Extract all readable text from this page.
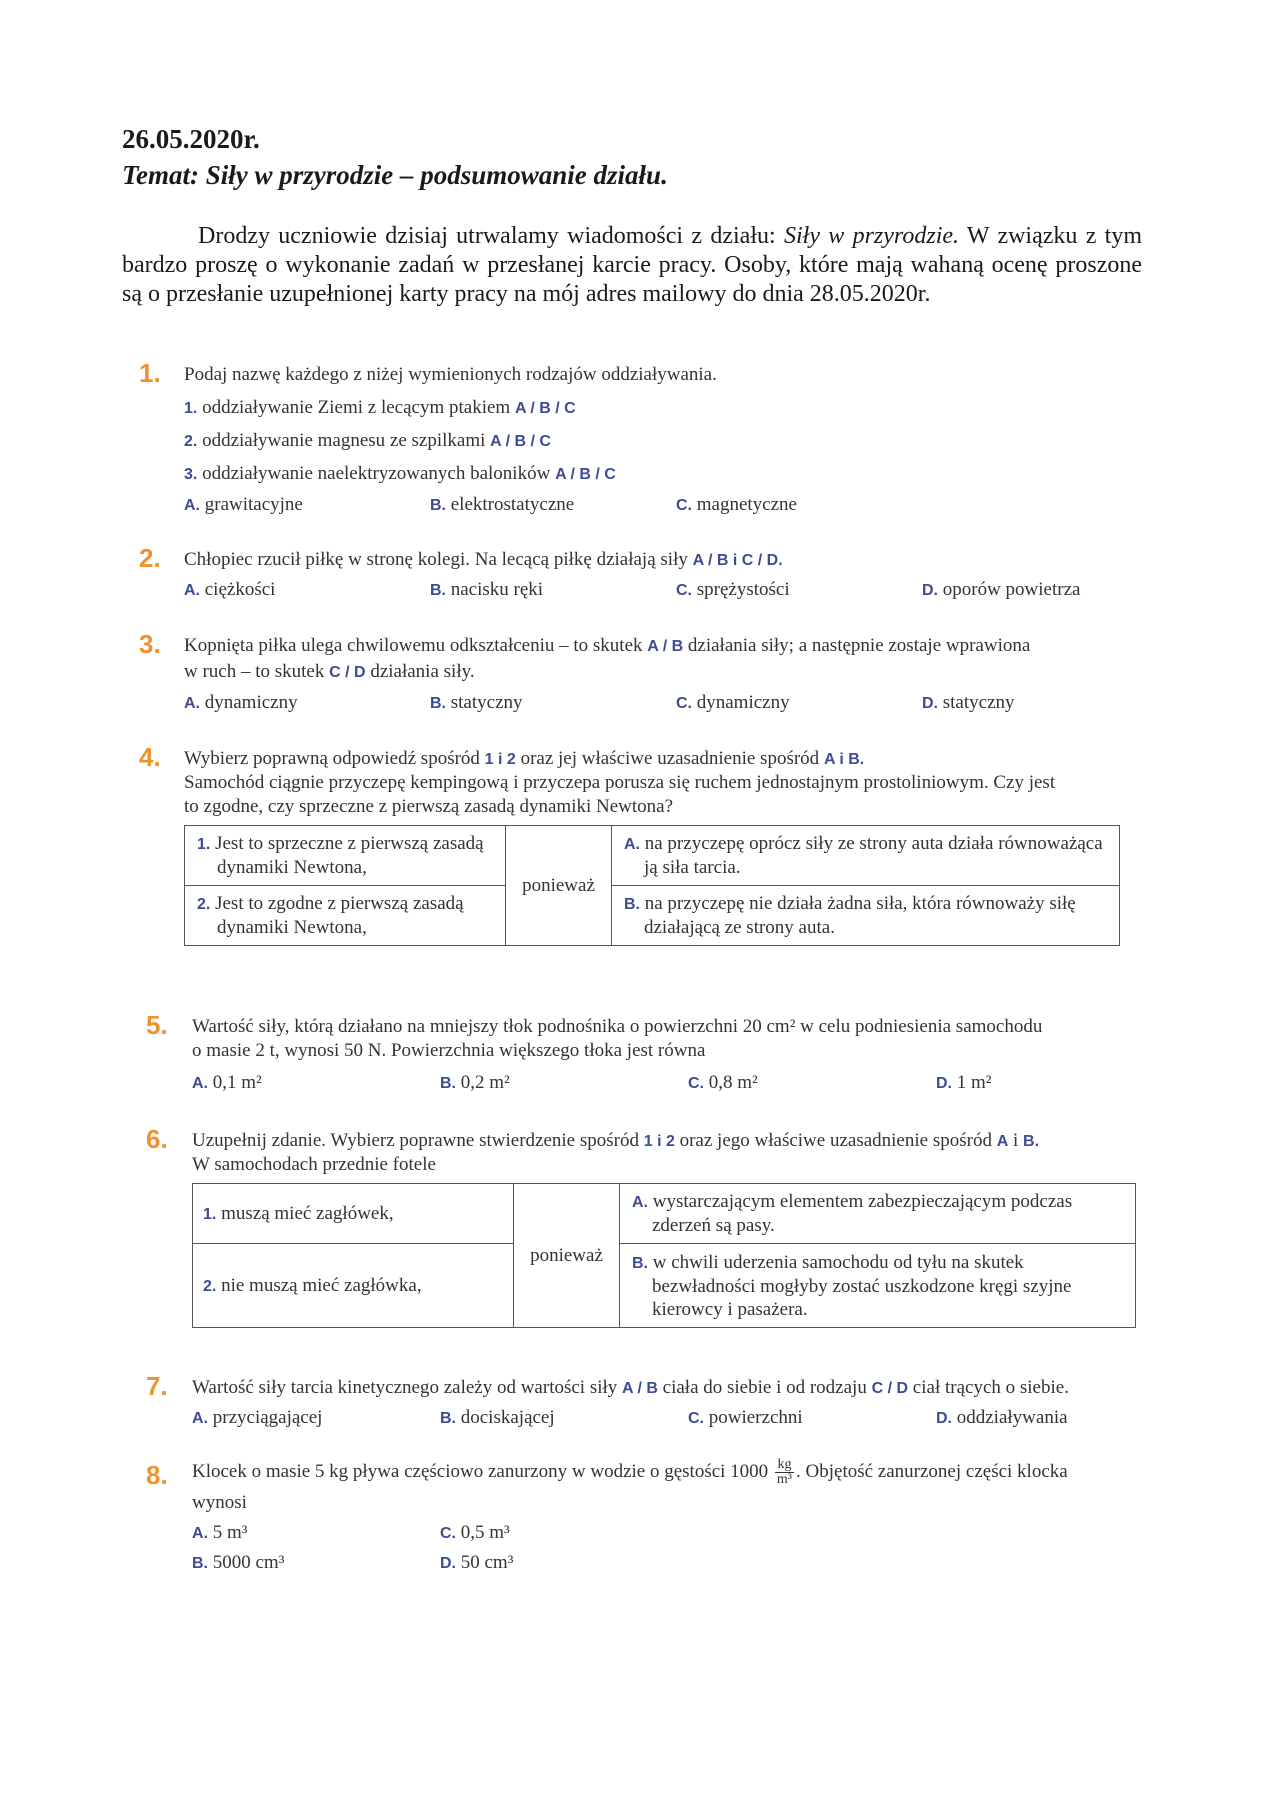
26.05.2020r.
Temat: Siły w przyrodzie – podsumowanie działu.

Drodzy uczniowie dzisiaj utrwalamy wiadomości z działu: Siły w przyrodzie. W związku z tym bardzo proszę o wykonanie zadań w przesłanej karcie pracy. Osoby, które mają wahaną ocenę proszone są o przesłanie uzupełnionej karty pracy na mój adres mailowy do dnia 28.05.2020r.

1. Podaj nazwę każdego z niżej wymienionych rodzajów oddziaływania.
1. oddziaływanie Ziemi z lecącym ptakiem A / B / C
2. oddziaływanie magnesu ze szpilkami A / B / C
3. oddziaływanie naelektryzowanych baloników A / B / C
A. grawitacyjne	B. elektrostatyczne	C. magnetyczne
2. Chłopiec rzucił piłkę w stronę kolegi. Na lecącą piłkę działają siły A / B i C / D.
A. ciężkości	B. nacisku ręki	C. sprężystości	D. oporów powietrza
3. Kopnięta piłka ulega chwilowemu odkształceniu – to skutek A / B działania siły; a następnie zostaje wprawiona
w ruch – to skutek C / D działania siły.
A. dynamiczny	B. statyczny	C. dynamiczny	D. statyczny
4. Wybierz poprawną odpowiedź spośród 1 i 2 oraz jej właściwe uzasadnienie spośród A i B.
Samochód ciągnie przyczepę kempingową i przyczepa porusza się ruchem jednostajnym prostoliniowym. Czy jest
to zgodne, czy sprzeczne z pierwszą zasadą dynamiki Newtona?
1. Jest to sprzeczne z pierwszą zasadą dynamiki Newtona,	ponieważ	A. na przyczepę oprócz siły ze strony auta działa równoważąca ją siła tarcia.

2. Jest to zgodne z pierwszą zasadą dynamiki Newtona,		B. na przyczepę nie działa żadna siła, która równoważy siłę działającą ze strony auta.
5. Wartość siły, którą działano na mniejszy tłok podnośnika o powierzchni 20 cm² w celu podniesienia samochodu
o masie 2 t, wynosi 50 N. Powierzchnia większego tłoka jest równa
A. 0,1 m²	B. 0,2 m²	C. 0,8 m²	D. 1 m²
6. Uzupełnij zdanie. Wybierz poprawne stwierdzenie spośród 1 i 2 oraz jego właściwe uzasadnienie spośród A i B.
W samochodach przednie fotele
1. muszą mieć zagłówek,	ponieważ	A. wystarczającym elementem zabezpieczającym podczas zderzeń są pasy.

2. nie muszą mieć zagłówka,		B. w chwili uderzenia samochodu od tyłu na skutek bezwładności mogłyby zostać uszkodzone kręgi szyjne kierowcy i pasażera.
7. Wartość siły tarcia kinetycznego zależy od wartości siły A / B ciała do siebie i od rodzaju C / D ciał trących o siebie.
A. przyciągającej	B. dociskającej	C. powierzchni	D. oddziaływania
8. Klocek o masie 5 kg pływa częściowo zanurzony w wodzie o gęstości $1000 \frac{kg}{\text{m³}}$ . Objętość zanurzonej części klocka
wynosi
A. 5 m³	C. 0,5 m³
B. 5000 cm³	D. 50 cm³
